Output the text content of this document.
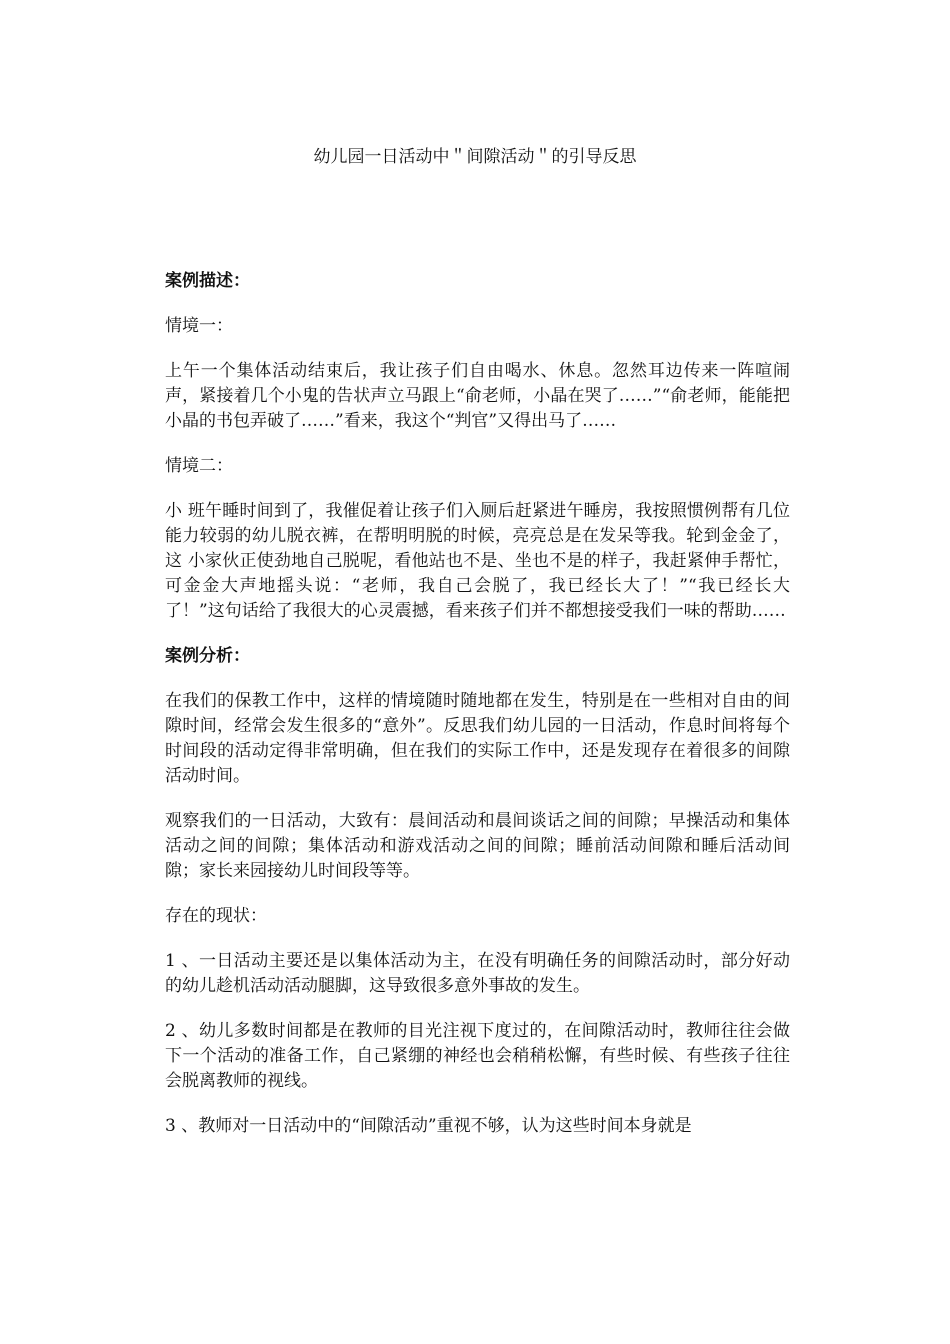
幼儿园一日活动中＂间隙活动＂的引导反思

案例描述：

情境一：

上午一个集体活动结束后，我让孩子们自由喝水、休息。忽然耳边传来一阵喧闹声，紧接着几个小鬼的告状声立马跟上“俞老师，小晶在哭了……”“俞老师，能能把小晶的书包弄破了……”看来，我这个“判官”又得出马了……

情境二：

小 班午睡时间到了，我催促着让孩子们入厕后赶紧进午睡房，我按照惯例帮有几位能力较弱的幼儿脱衣裤，在帮明明脱的时候，亮亮总是在发呆等我。轮到金金了，这 小家伙正使劲地自己脱呢，看他站也不是、坐也不是的样子，我赶紧伸手帮忙，可金金大声地摇头说：“老师，我自己会脱了，我已经长大了！”“我已经长大 了！”这句话给了我很大的心灵震撼，看来孩子们并不都想接受我们一味的帮助……

案例分析：

在我们的保教工作中，这样的情境随时随地都在发生，特别是在一些相对自由的间隙时间，经常会发生很多的“意外”。反思我们幼儿园的一日活动，作息时间将每个时间段的活动定得非常明确，但在我们的实际工作中，还是发现存在着很多的间隙活动时间。

观察我们的一日活动，大致有：晨间活动和晨间谈话之间的间隙；早操活动和集体活动之间的间隙；集体活动和游戏活动之间的间隙；睡前活动间隙和睡后活动间隙；家长来园接幼儿时间段等等。

存在的现状：

1 、一日活动主要还是以集体活动为主，在没有明确任务的间隙活动时，部分好动的幼儿趁机活动活动腿脚，这导致很多意外事故的发生。

2 、幼儿多数时间都是在教师的目光注视下度过的，在间隙活动时，教师往往会做下一个活动的准备工作，自己紧绷的神经也会稍稍松懈，有些时候、有些孩子往往会脱离教师的视线。

3 、教师对一日活动中的“间隙活动”重视不够，认为这些时间本身就是
